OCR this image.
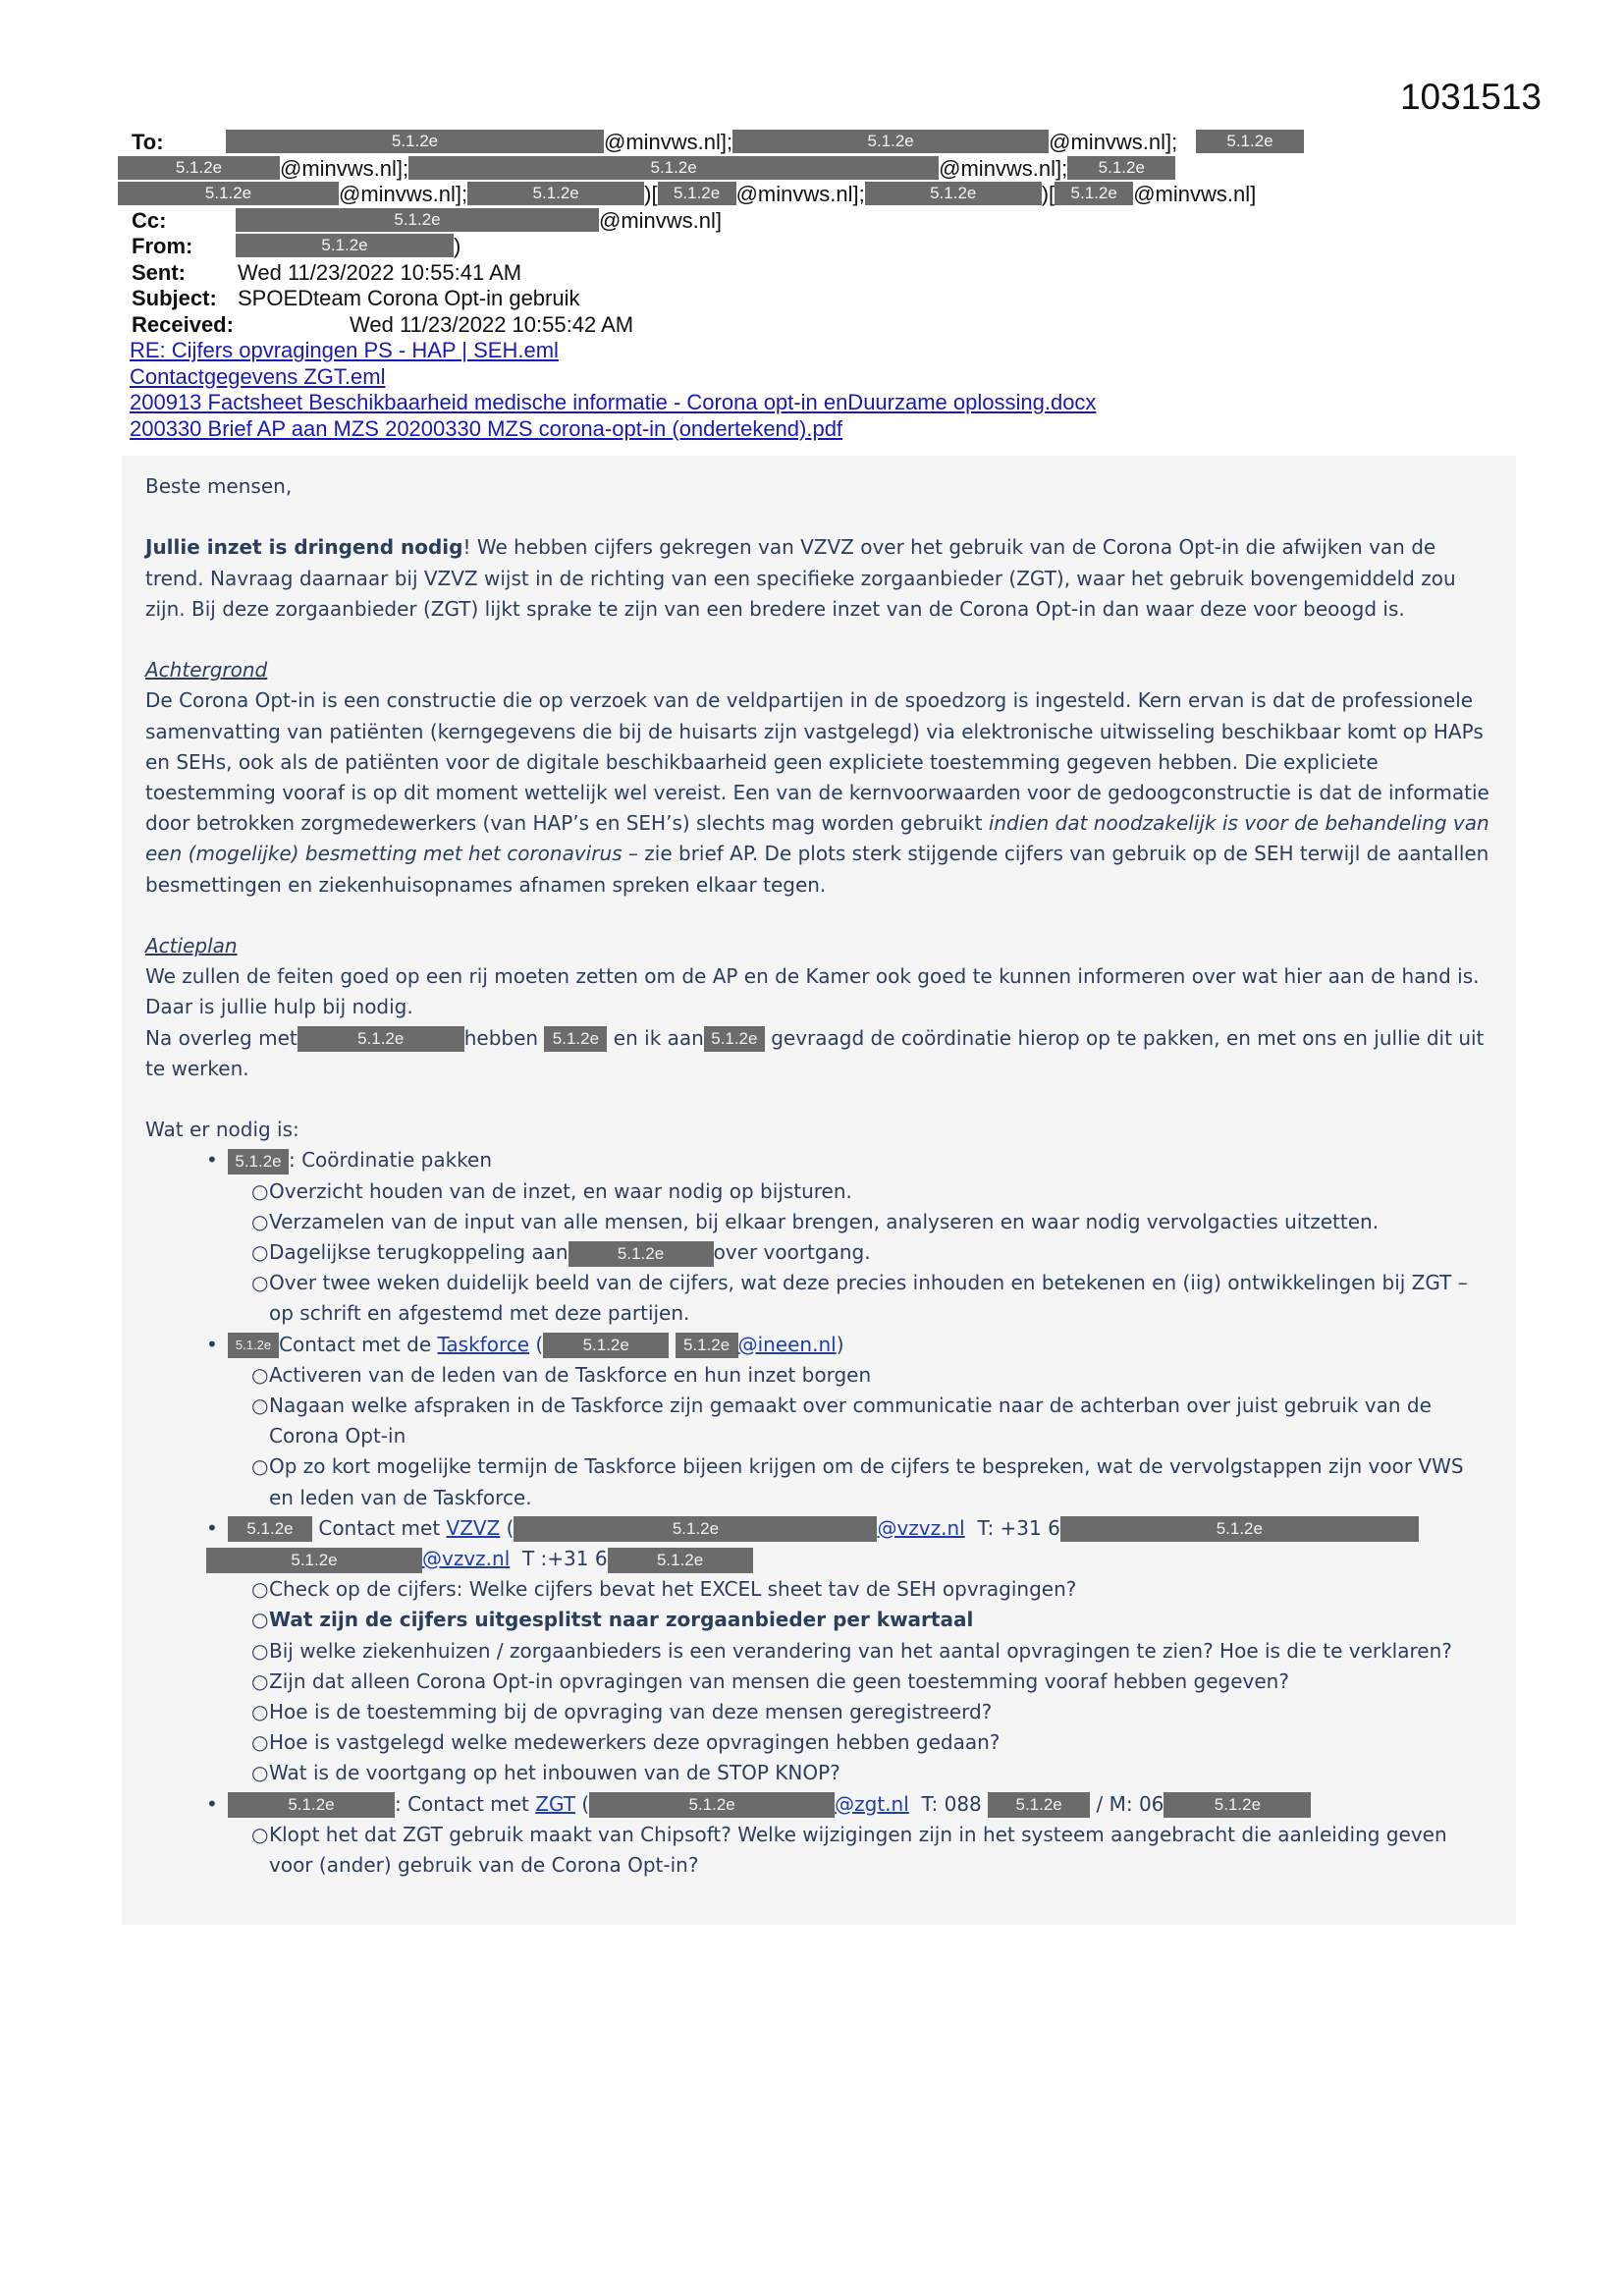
1031513
To:	5.1.2e	@minvws.nl];	5.1.2e	@minvws.nl];	5.1.2e
5.1.2e	@minvws.nl];	5.1.2e	@minvws.nl]; 5.1.2e
5.1.2e	@minvws.nl];	5.1.2e	)[ 5.1.2e @minvws.nl];	5.1.2e	)[ 5.1.2e @minvws.nl]
Cc:	5.1.2e	@minvws.nl]
From:	5.1.2e	)
Sent: Wed 11/23/2022 10:55:41 AM
Subject: SPOEDteam Corona Opt-in gebruik
Received:	Wed 11/23/2022 10:55:42 AM
RE: Cijfers opvragingen PS - HAP | SEH.eml
Contactgegevens ZGT.eml
200913 Factsheet Beschikbaarheid medische informatie - Corona opt-in enDuurzame oplossing.docx
200330 Brief AP aan MZS 20200330 MZS corona-opt-in (ondertekend).pdf

Beste mensen,

Jullie inzet is dringend nodig! We hebben cijfers gekregen van VZVZ over het gebruik van de Corona Opt-in die afwijken van de trend. Navraag daarnaar bij VZVZ wijst in de richting van een specifieke zorgaanbieder (ZGT), waar het gebruik bovengemiddeld zou zijn. Bij deze zorgaanbieder (ZGT) lijkt sprake te zijn van een bredere inzet van de Corona Opt-in dan waar deze voor beoogd is.

Achtergrond

De Corona Opt-in is een constructie die op verzoek van de veldpartijen in de spoedzorg is ingesteld. Kern ervan is dat de professionele samenvatting van patiënten (kerngegevens die bij de huisarts zijn vastgelegd) via elektronische uitwisseling beschikbaar komt op HAPs en SEHs, ook als de patiënten voor de digitale beschikbaarheid geen expliciete toestemming gegeven hebben. Die expliciete toestemming vooraf is op dit moment wettelijk wel vereist. Een van de kernvoorwaarden voor de gedoogconstructie is dat de informatie door betrokken zorgmedewerkers (van HAP’s en SEH’s) slechts mag worden gebruikt indien dat noodzakelijk is voor de behandeling van een (mogelijke) besmetting met het coronavirus – zie brief AP. De plots sterk stijgende cijfers van gebruik op de SEH terwijl de aantallen besmettingen en ziekenhuisopnames afnamen spreken elkaar tegen.

Actieplan

We zullen de feiten goed op een rij moeten zetten om de AP en de Kamer ook goed te kunnen informeren over wat hier aan de hand is. Daar is jullie hulp bij nodig.

Na overleg met	5.1.2e	hebben 5.1.2e en ik aan 5.1.2e gevraagd de coördinatie hierop op te pakken, en met ons en jullie dit uit te werken.

Wat er nodig is:

• 5.1.2e : Coördinatie pakken
○Overzicht houden van de inzet, en waar nodig op bijsturen.
○Verzamelen van de input van alle mensen, bij elkaar brengen, analyseren en waar nodig vervolgacties uitzetten.
○Dagelijkse terugkoppeling aan	5.1.2e	over voortgang.
○Over twee weken duidelijk beeld van de cijfers, wat deze precies inhouden en betekenen en (iig) ontwikkelingen bij ZGT – op schrift en afgestemd met deze partijen.
• 5.1.2e Contact met de Taskforce ( 5.1.2e	5.1.2e @ineen.nl)
○Activeren van de leden van de Taskforce en hun inzet borgen
○Nagaan welke afspraken in de Taskforce zijn gemaakt over communicatie naar de achterban over juist gebruik van de Corona Opt-in
○Op zo kort mogelijke termijn de Taskforce bijeen krijgen om de cijfers te bespreken, wat de vervolgstappen zijn voor VWS en leden van de Taskforce.
• 5.1.2e Contact met VZVZ (	5.1.2e	@vzvz.nl T: +31 6	5.1.2e
5.1.2e	@vzvz.nl T :+31 6	5.1.2e
○Check op de cijfers: Welke cijfers bevat het EXCEL sheet tav de SEH opvragingen?
○Wat zijn de cijfers uitgesplitst naar zorgaanbieder per kwartaal
○Bij welke ziekenhuizen / zorgaanbieders is een verandering van het aantal opvragingen te zien? Hoe is die te verklaren?
○Zijn dat alleen Corona Opt-in opvragingen van mensen die geen toestemming vooraf hebben gegeven?
○Hoe is de toestemming bij de opvraging van deze mensen geregistreerd?
○Hoe is vastgelegd welke medewerkers deze opvragingen hebben gedaan?
○Wat is de voortgang op het inbouwen van de STOP KNOP?
•	5.1.2e	: Contact met ZGT (	5.1.2e	@zgt.nl T: 088 5.1.2e / M: 06	5.1.2e
○Klopt het dat ZGT gebruik maakt van Chipsoft? Welke wijzigingen zijn in het systeem aangebracht die aanleiding geven voor (ander) gebruik van de Corona Opt-in?
